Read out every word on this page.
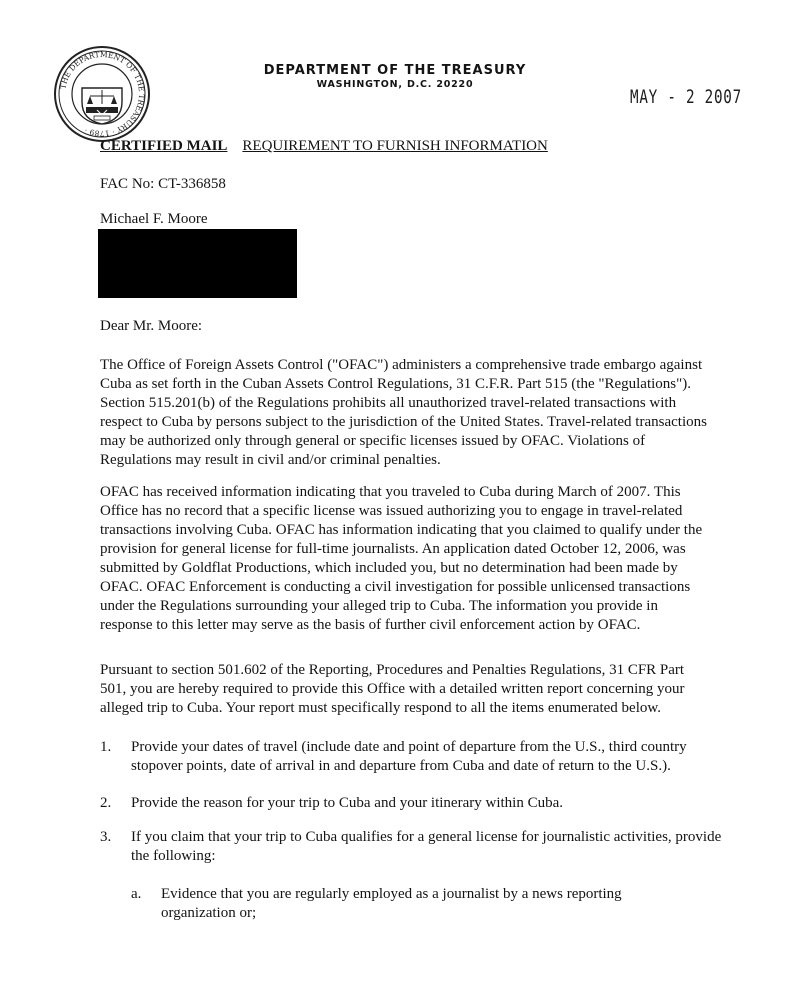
THE DEPARTMENT OF THE TREASURY · 1789 ·
DEPARTMENT OF THE TREASURY
WASHINGTON, D.C. 20220
MAY - 2 2007
CERTIFIED MAIL REQUIREMENT TO FURNISH INFORMATION
FAC No: CT-336858
Michael F. Moore
Dear Mr. Moore:

The Office of Foreign Assets Control ("OFAC") administers a comprehensive trade embargo against Cuba as set forth in the Cuban Assets Control Regulations, 31 C.F.R. Part 515 (the "Regulations"). Section 515.201(b) of the Regulations prohibits all unauthorized travel-related transactions with respect to Cuba by persons subject to the jurisdiction of the United States. Travel-related transactions may be authorized only through general or specific licenses issued by OFAC. Violations of Regulations may result in civil and/or criminal penalties.

OFAC has received information indicating that you traveled to Cuba during March of 2007. This Office has no record that a specific license was issued authorizing you to engage in travel-related transactions involving Cuba. OFAC has information indicating that you claimed to qualify under the provision for general license for full-time journalists. An application dated October 12, 2006, was submitted by Goldflat Productions, which included you, but no determination had been made by OFAC. OFAC Enforcement is conducting a civil investigation for possible unlicensed transactions under the Regulations surrounding your alleged trip to Cuba. The information you provide in response to this letter may serve as the basis of further civil enforcement action by OFAC.

Pursuant to section 501.602 of the Reporting, Procedures and Penalties Regulations, 31 CFR Part 501, you are hereby required to provide this Office with a detailed written report concerning your alleged trip to Cuba. Your report must specifically respond to all the items enumerated below.

1. Provide your dates of travel (include date and point of departure from the U.S., third country stopover points, date of arrival in and departure from Cuba and date of return to the U.S.).
2. Provide the reason for your trip to Cuba and your itinerary within Cuba.
3. If you claim that your trip to Cuba qualifies for a general license for journalistic activities, provide the following:
a. Evidence that you are regularly employed as a journalist by a news reporting organization or;
